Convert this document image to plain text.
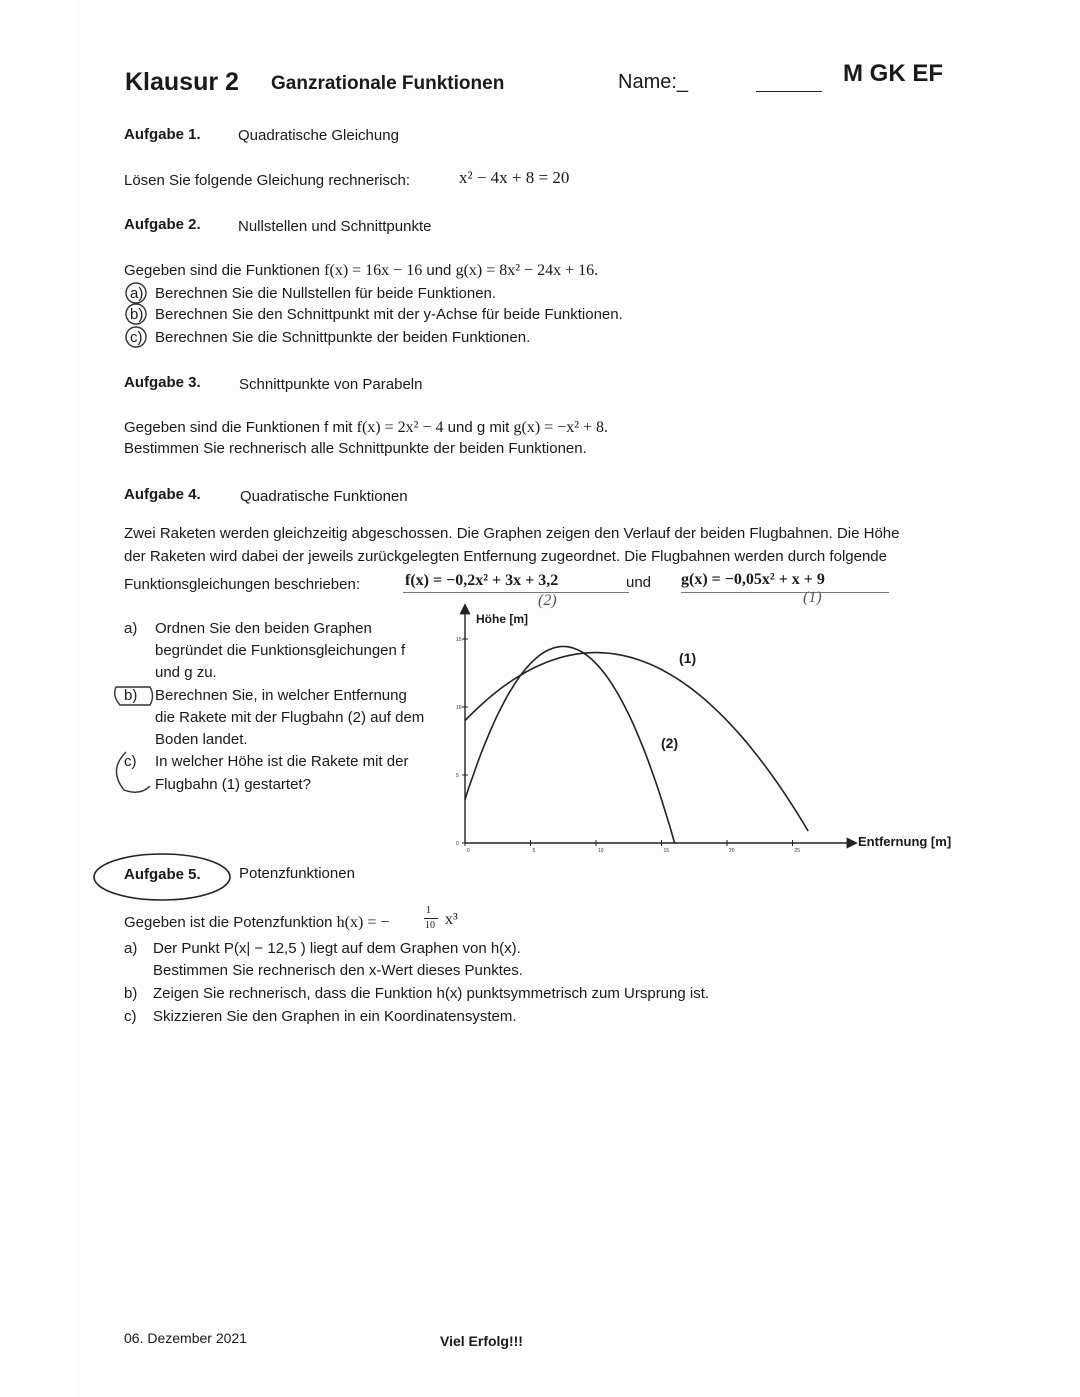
Klausur 2 Ganzrationale Funktionen	Name:_	M GK EF
Aufgabe 1. Quadratische Gleichung
Lösen Sie folgende Gleichung rechnerisch:	x² − 4x + 8 = 20
Aufgabe 2. Nullstellen und Schnittpunkte
Gegeben sind die Funktionen f(x) = 16x − 16 und g(x) = 8x² − 24x + 16.
a) Berechnen Sie die Nullstellen für beide Funktionen.
b) Berechnen Sie den Schnittpunkt mit der y-Achse für beide Funktionen.
c) Berechnen Sie die Schnittpunkte der beiden Funktionen.
Aufgabe 3.	Schnittpunkte von Parabeln
Gegeben sind die Funktionen f mit f(x) = 2x² − 4 und g mit g(x) = −x² + 8.
Bestimmen Sie rechnerisch alle Schnittpunkte der beiden Funktionen.
Aufgabe 4.	Quadratische Funktionen
Zwei Raketen werden gleichzeitig abgeschossen. Die Graphen zeigen den Verlauf der beiden Flugbahnen. Die Höhe
der Raketen wird dabei der jeweils zurückgelegten Entfernung zugeordnet. Die Flugbahnen werden durch folgende
Funktionsgleichungen beschrieben:	f(x) = −0,2x² + 3x + 3,2	und g(x) = −0,05x² + x + 9
(2)	(1)
a) Ordnen Sie den beiden Graphen
begründet die Funktionsgleichungen f
und g zu.
b) Berechnen Sie, in welcher Entfernung
die Rakete mit der Flugbahn (2) auf dem
Boden landet.
c) In welcher Höhe ist die Rakete mit der
Flugbahn (1) gestartet?
0	5	10	15	20	25
0
5
10
15
Höhe [m]
Entfernung [m]
(1)
(2)
Aufgabe 5.	Potenzfunktionen
Gegeben ist die Potenzfunktion h(x) = −
1
10 x³
a) Der Punkt P(x| − 12,5 ) liegt auf dem Graphen von h(x).
Bestimmen Sie rechnerisch den x-Wert dieses Punktes.
b) Zeigen Sie rechnerisch, dass die Funktion h(x) punktsymmetrisch zum Ursprung ist.
c) Skizzieren Sie den Graphen in ein Koordinatensystem.
06. Dezember 2021	Viel Erfolg!!!
